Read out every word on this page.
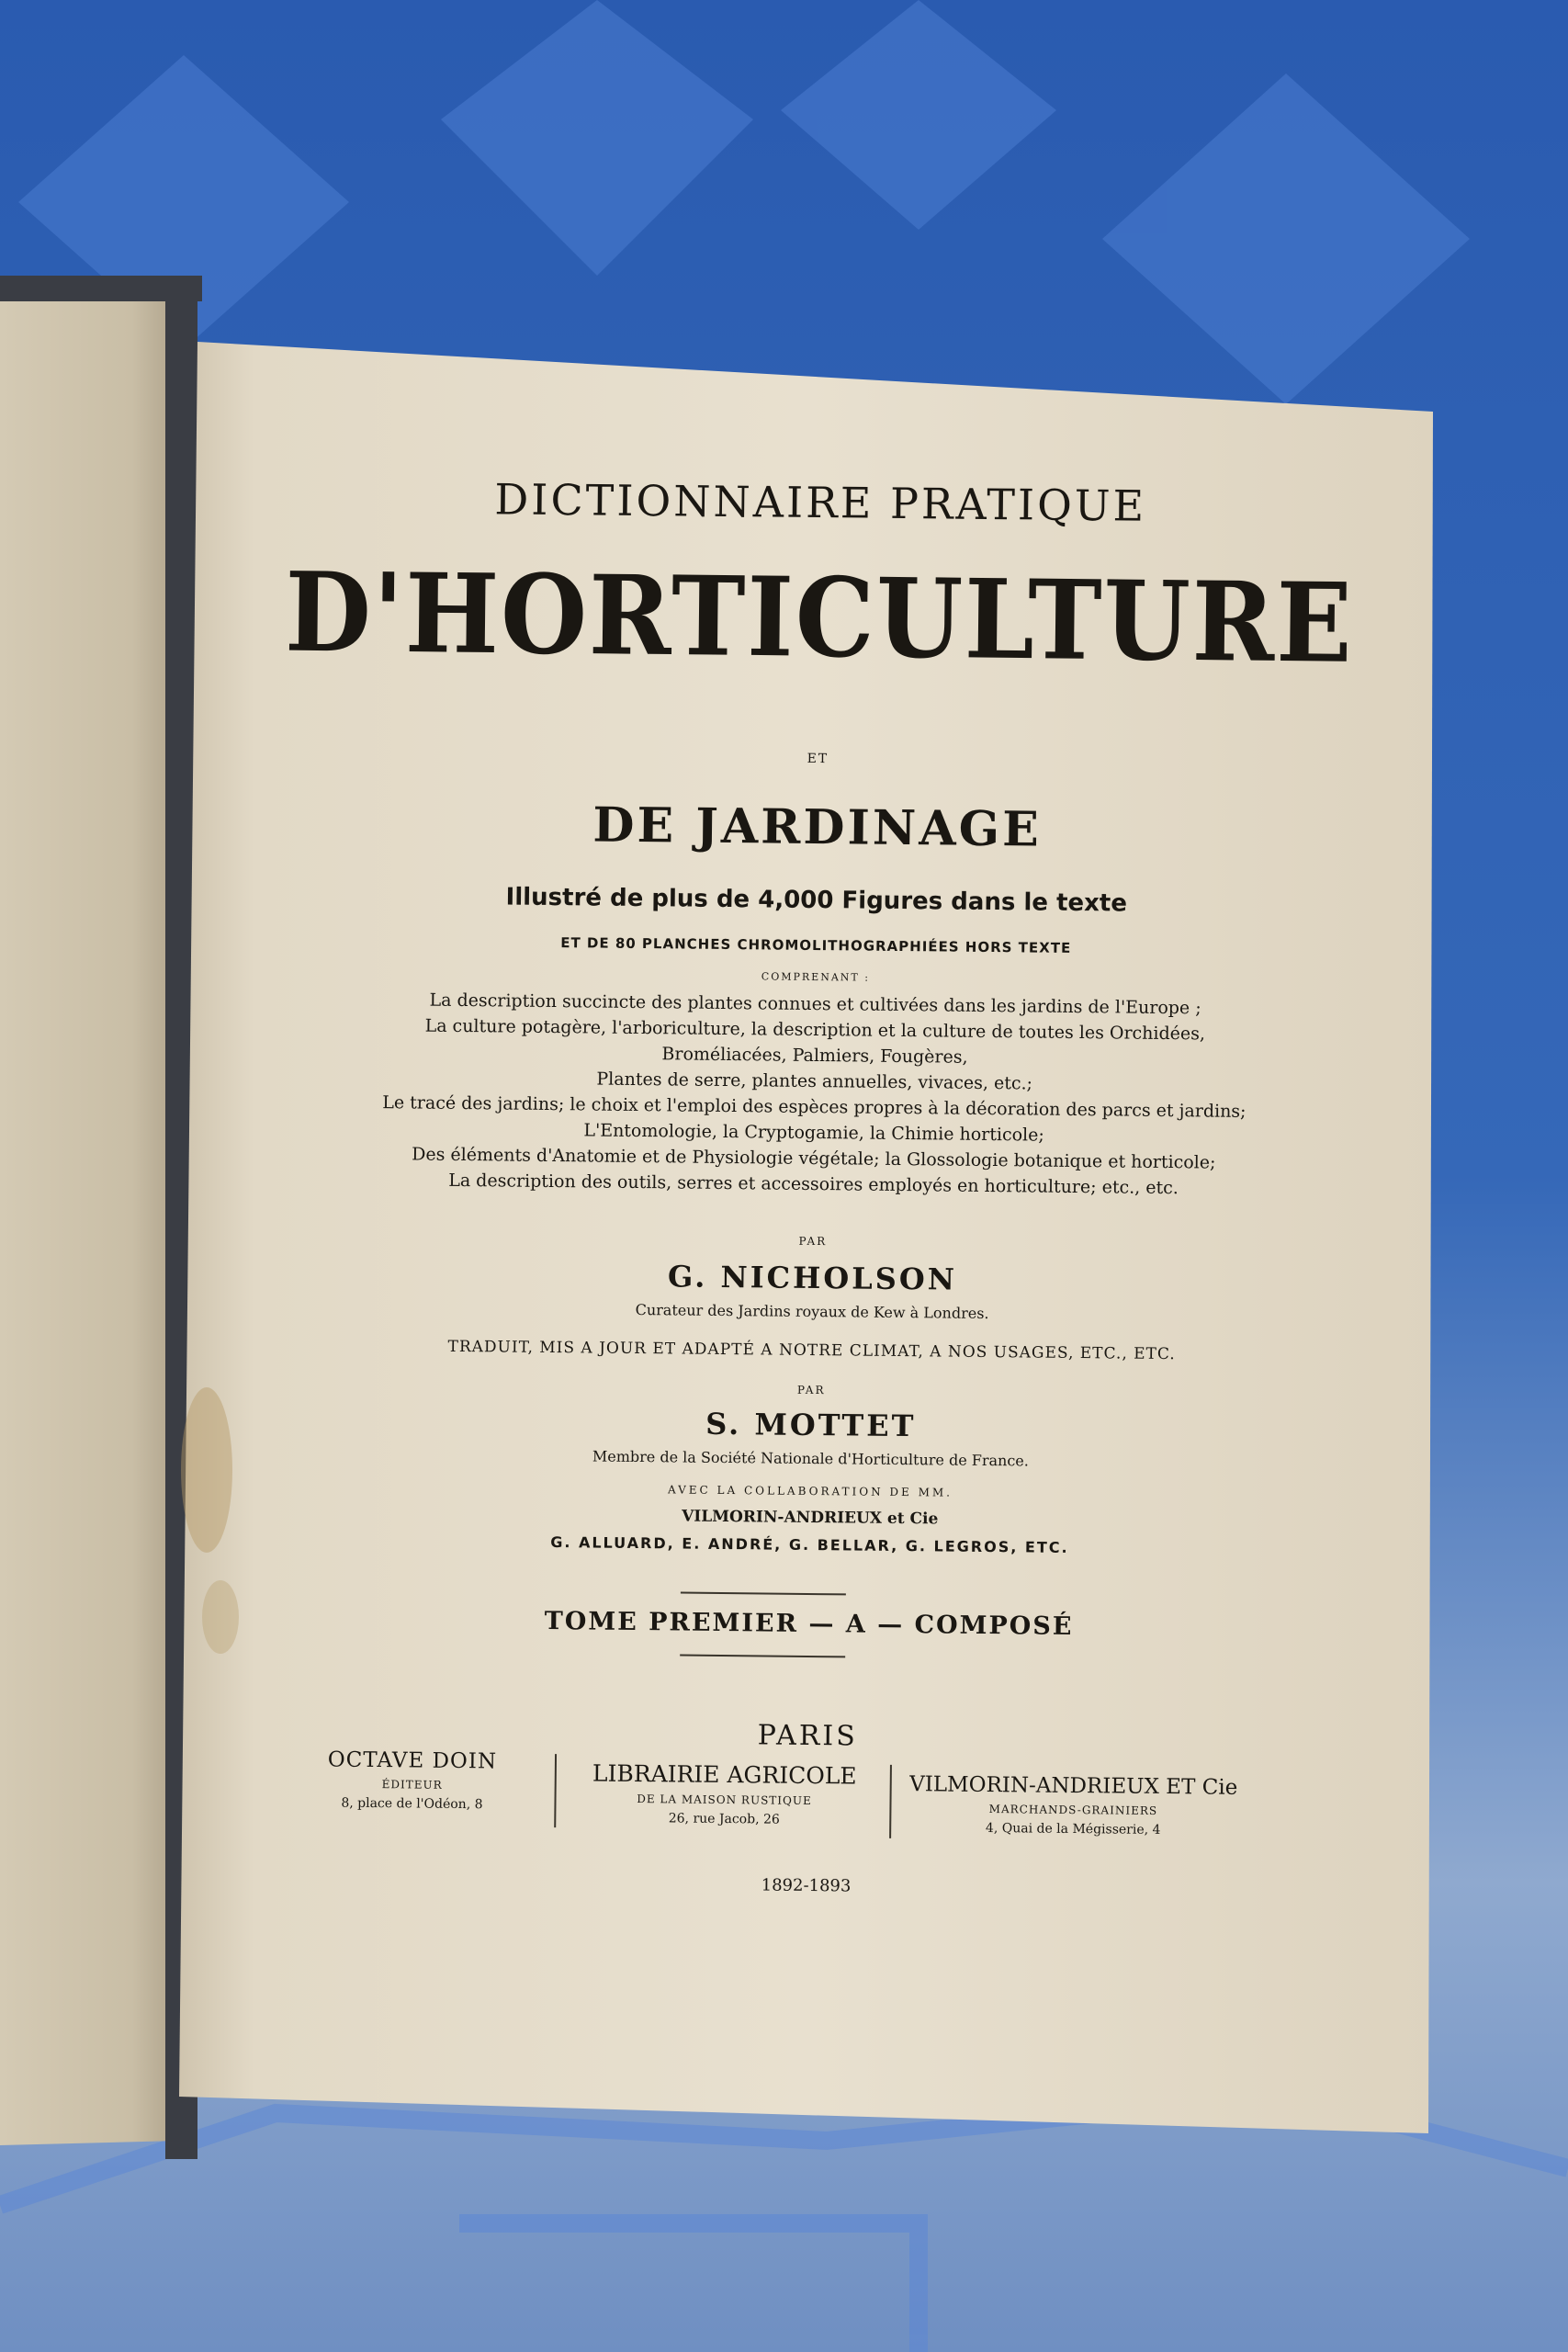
DICTIONNAIRE PRATIQUE
D'HORTICULTURE
ET
DE JARDINAGE
Illustré de plus de 4,000 Figures dans le texte
ET DE 80 PLANCHES CHROMOLITHOGRAPHIÉES HORS TEXTE
COMPRENANT :
La description succincte des plantes connues et cultivées dans les jardins de l'Europe ;
La culture potagère, l'arboriculture, la description et la culture de toutes les Orchidées,
Broméliacées, Palmiers, Fougères,
Plantes de serre, plantes annuelles, vivaces, etc.;
Le tracé des jardins; le choix et l'emploi des espèces propres à la décoration des parcs et jardins;
L'Entomologie, la Cryptogamie, la Chimie horticole;
Des éléments d'Anatomie et de Physiologie végétale; la Glossologie botanique et horticole;
La description des outils, serres et accessoires employés en horticulture; etc., etc.
PAR
G. NICHOLSON
Curateur des Jardins royaux de Kew à Londres.
TRADUIT, MIS A JOUR ET ADAPTÉ A NOTRE CLIMAT, A NOS USAGES, ETC., ETC.
PAR
S. MOTTET
Membre de la Société Nationale d'Horticulture de France.
AVEC LA COLLABORATION DE MM.
VILMORIN-ANDRIEUX et Cie
G. ALLUARD, E. ANDRÉ, G. BELLAR, G. LEGROS, ETC.
TOME PREMIER — A — COMPOSÉ
PARIS
OCTAVE DOIN
ÉDITEUR
8, place de l'Odéon, 8
LIBRAIRIE AGRICOLE
DE LA MAISON RUSTIQUE
26, rue Jacob, 26
VILMORIN-ANDRIEUX ET Cie
MARCHANDS-GRAINIERS
4, Quai de la Mégisserie, 4
1892-1893
